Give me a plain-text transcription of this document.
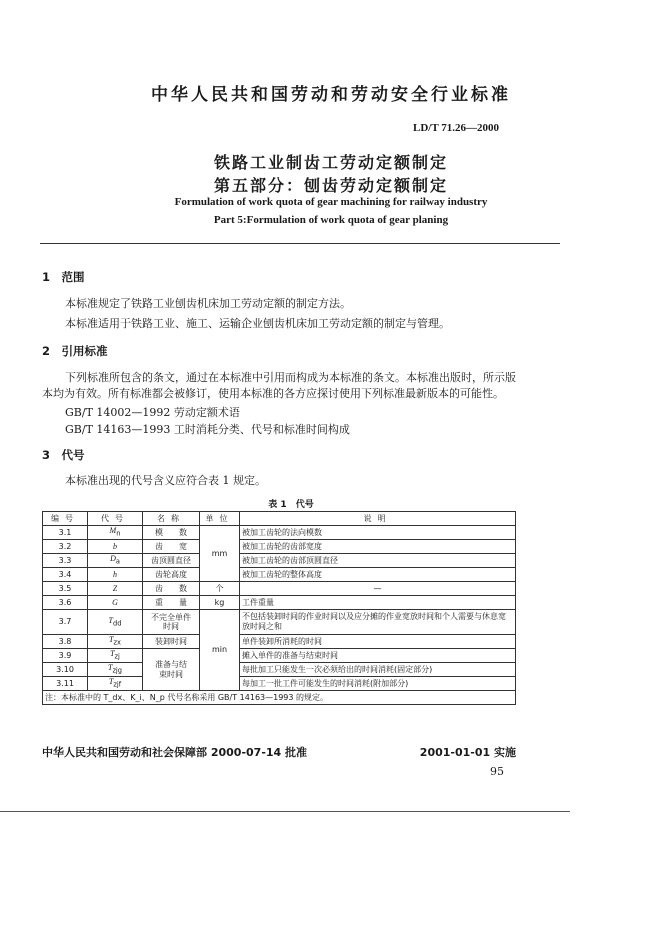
中华人民共和国劳动和劳动安全行业标准
LD/T 71.26—2000
铁路工业制齿工劳动定额制定
第五部分：刨齿劳动定额制定
Formulation of work quota of gear machining for railway industry
Part 5:Formulation of work quota of gear planing
1　范围
本标准规定了铁路工业刨齿机床加工劳动定额的制定方法。
本标准适用于铁路工业、施工、运输企业刨齿机床加工劳动定额的制定与管理。
2　引用标准
下列标准所包含的条文，通过在本标准中引用而构成为本标准的条文。本标准出版时，所示版
本均为有效。所有标准都会被修订，使用本标准的各方应探讨使用下列标准最新版本的可能性。
GB/T 14002—1992 劳动定额术语
GB/T 14163—1993 工时消耗分类、代号和标准时间构成
3　代号
本标准出现的代号含义应符合表 1 规定。
表 1　代号
编号	代号	名称	单位	说明
3.1	$M_n$	模　　数	mm	被加工齿轮的法向模数
3.2	b	齿　　宽		被加工齿轮的齿部宽度
3.3	$D_a$	齿顶圆直径		被加工齿轮的齿部顶圆直径
3.4	h	齿轮高度		被加工齿轮的整体高度
3.5	Z	齿　　数	个	—
3.6	G	重　　量	kg	工件重量
3.7	$T_{dd}$	不完全单件时间	min	不包括装卸时间的作业时间以及应分摊的作业宽放时间和个人需要与休息宽放时间之和
3.8	$T_{zx}$	装卸时间		单件装卸所消耗的时间
3.9	$T_{zj}$	准备与结束时间		摊入单件的准备与结束时间
3.10	$T_{zjg}$			每批加工只能发生一次必须给出的时间消耗(固定部分)
3.11	$T_{zjf}$			每加工一批工件可能发生的时间消耗(附加部分)
注：本标准中的 T_dx、K_i、N_p 代号名称采用 GB/T 14163—1993 的规定。				
中华人民共和国劳动和社会保障部 2000-07-14 批准	2001-01-01 实施
95
